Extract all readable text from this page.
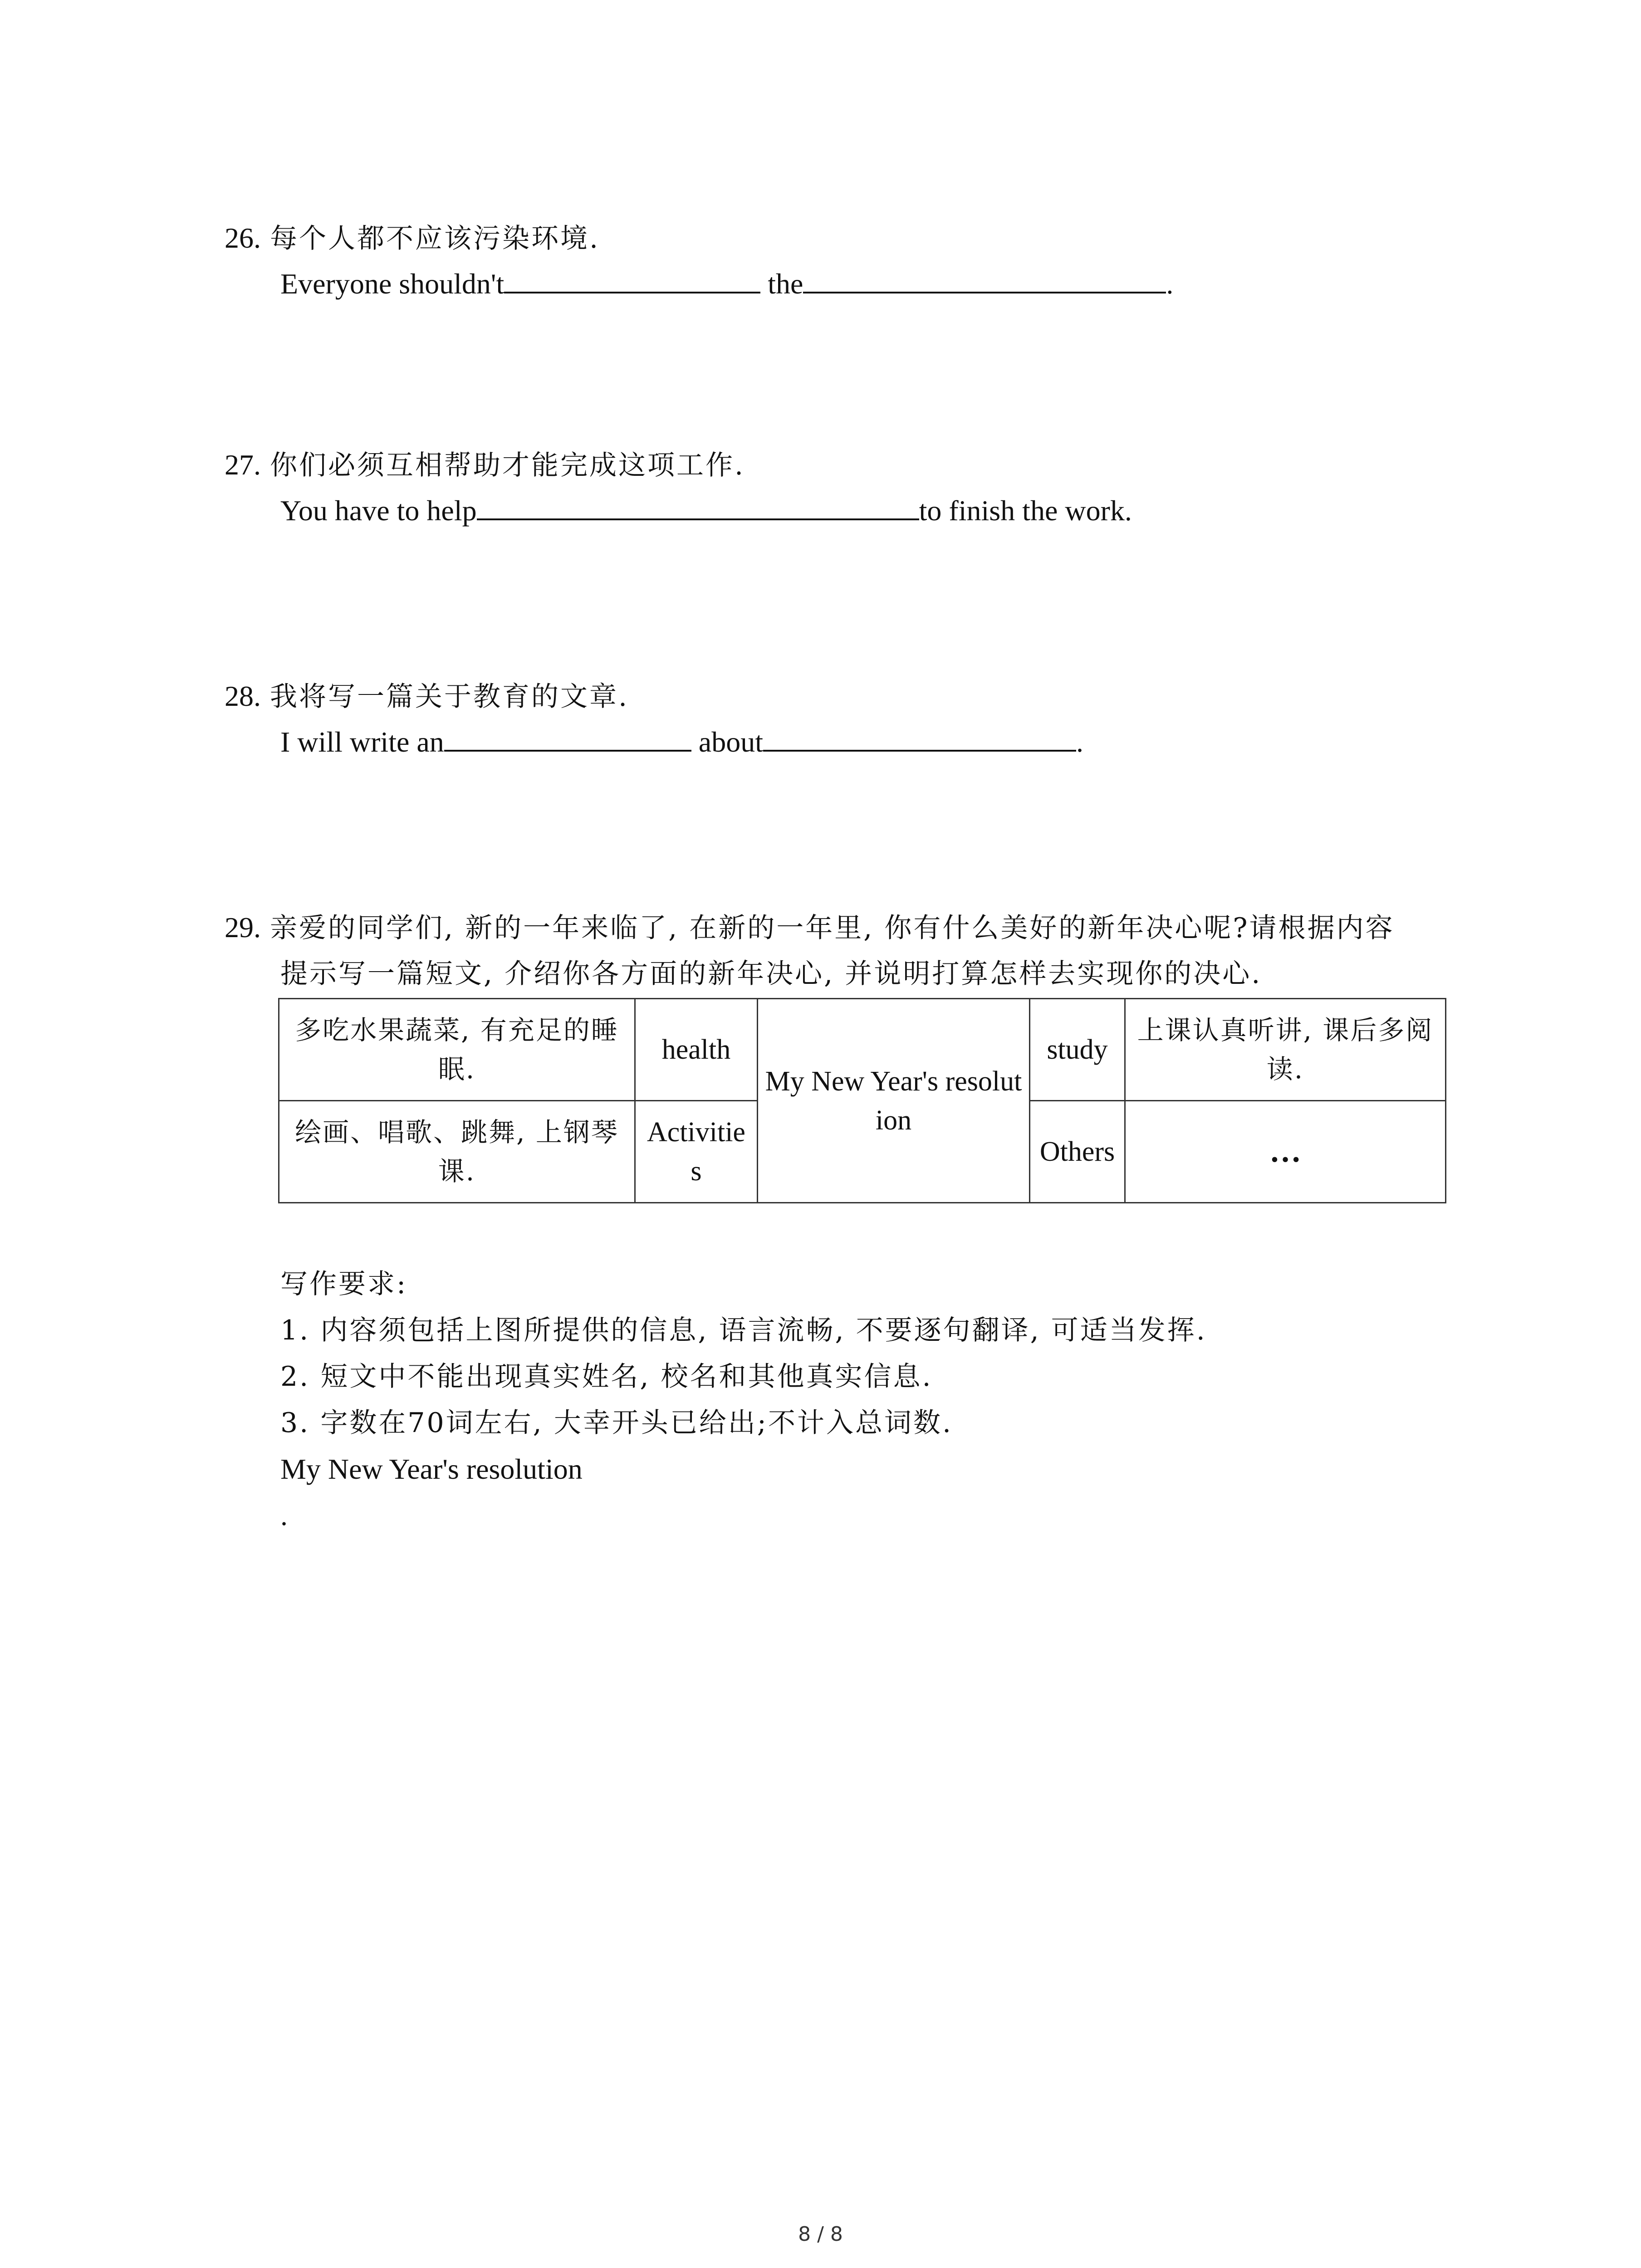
26. 每个人都不应该污染环境.
Everyone shouldn't	the	.
27. 你们必须互相帮助才能完成这项工作.
You have to help	to finish the work.
28. 我将写一篇关于教育的文章.
I will write an	about	.
29. 亲爱的同学们, 新的一年来临了, 在新的一年里, 你有什么美好的新年决心呢?请根据内容
提示写一篇短文, 介绍你各方面的新年决心, 并说明打算怎样去实现你的决心.
多吃水果蔬菜, 有充足的睡眠.	health	My New Year's resolution	study	上课认真听讲, 课后多阅读.
绘画、唱歌、跳舞, 上钢琴课.	Activities		Others	…
写作要求:
1. 内容须包括上图所提供的信息, 语言流畅, 不要逐句翻译, 可适当发挥.
2. 短文中不能出现真实姓名, 校名和其他真实信息.
3. 字数在70词左右, 大幸开头已给出;不计入总词数.
My New Year's resolution
.
8 / 8
